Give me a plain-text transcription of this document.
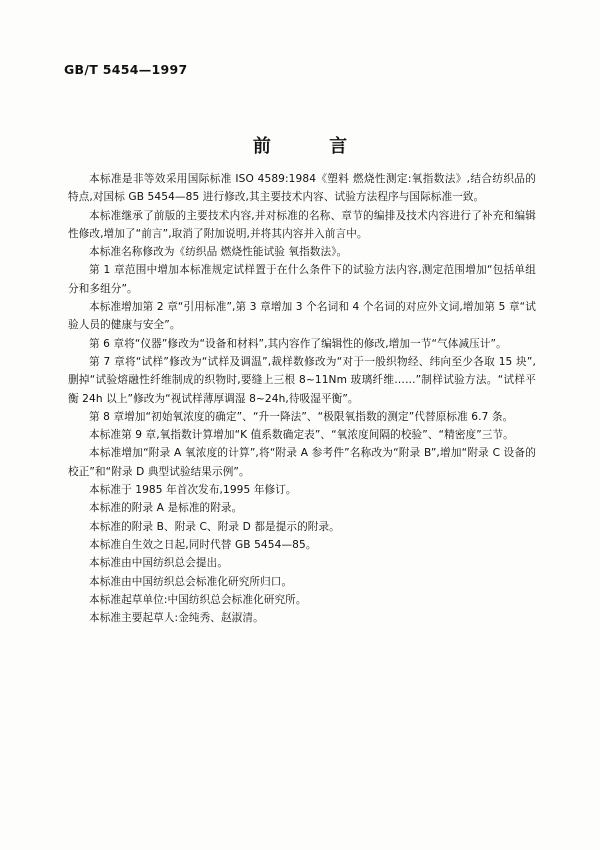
GB/T 5454—1997
前 言

本标准是非等效采用国际标准 ISO 4589:1984《塑料 燃烧性测定:氧指数法》,结合纺织品的特点,对国标 GB 5454—85 进行修改,其主要技术内容、试验方法程序与国际标准一致。

本标准继承了前版的主要技术内容,并对标准的名称、章节的编排及技术内容进行了补充和编辑性修改,增加了“前言”,取消了附加说明,并将其内容并入前言中。

本标准名称修改为《纺织品 燃烧性能试验 氧指数法》。

第 1 章范围中增加本标准规定试样置于在什么条件下的试验方法内容,测定范围增加“包括单组分和多组分”。

本标准增加第 2 章“引用标准”,第 3 章增加 3 个名词和 4 个名词的对应外文词,增加第 5 章“试验人员的健康与安全”。

第 6 章将“仪器”修改为“设备和材料”,其内容作了编辑性的修改,增加一节“气体减压计”。

第 7 章将“试样”修改为“试样及调温”,裁样数修改为“对于一般织物经、纬向至少各取 15 块”,删掉“试验熔融性纤维制成的织物时,要缝上三根 8~11Nm 玻璃纤维……”制样试验方法。“试样平衡 24h 以上”修改为“视试样薄厚调湿 8~24h,待吸湿平衡”。

第 8 章增加“初始氧浓度的确定”、“升一降法”、“极限氧指数的测定”代替原标准 6.7 条。

本标准第 9 章,氧指数计算增加“K 值系数确定表”、“氧浓度间隔的校验”、“精密度”三节。

本标准增加“附录 A 氧浓度的计算”,将“附录 A 参考件”名称改为“附录 B”,增加“附录 C 设备的校正”和“附录 D 典型试验结果示例”。

本标准于 1985 年首次发布,1995 年修订。

本标准的附录 A 是标准的附录。

本标准的附录 B、附录 C、附录 D 都是提示的附录。

本标准自生效之日起,同时代替 GB 5454—85。

本标准由中国纺织总会提出。

本标准由中国纺织总会标准化研究所归口。

本标准起草单位:中国纺织总会标准化研究所。

本标准主要起草人:金纯秀、赵淑清。
